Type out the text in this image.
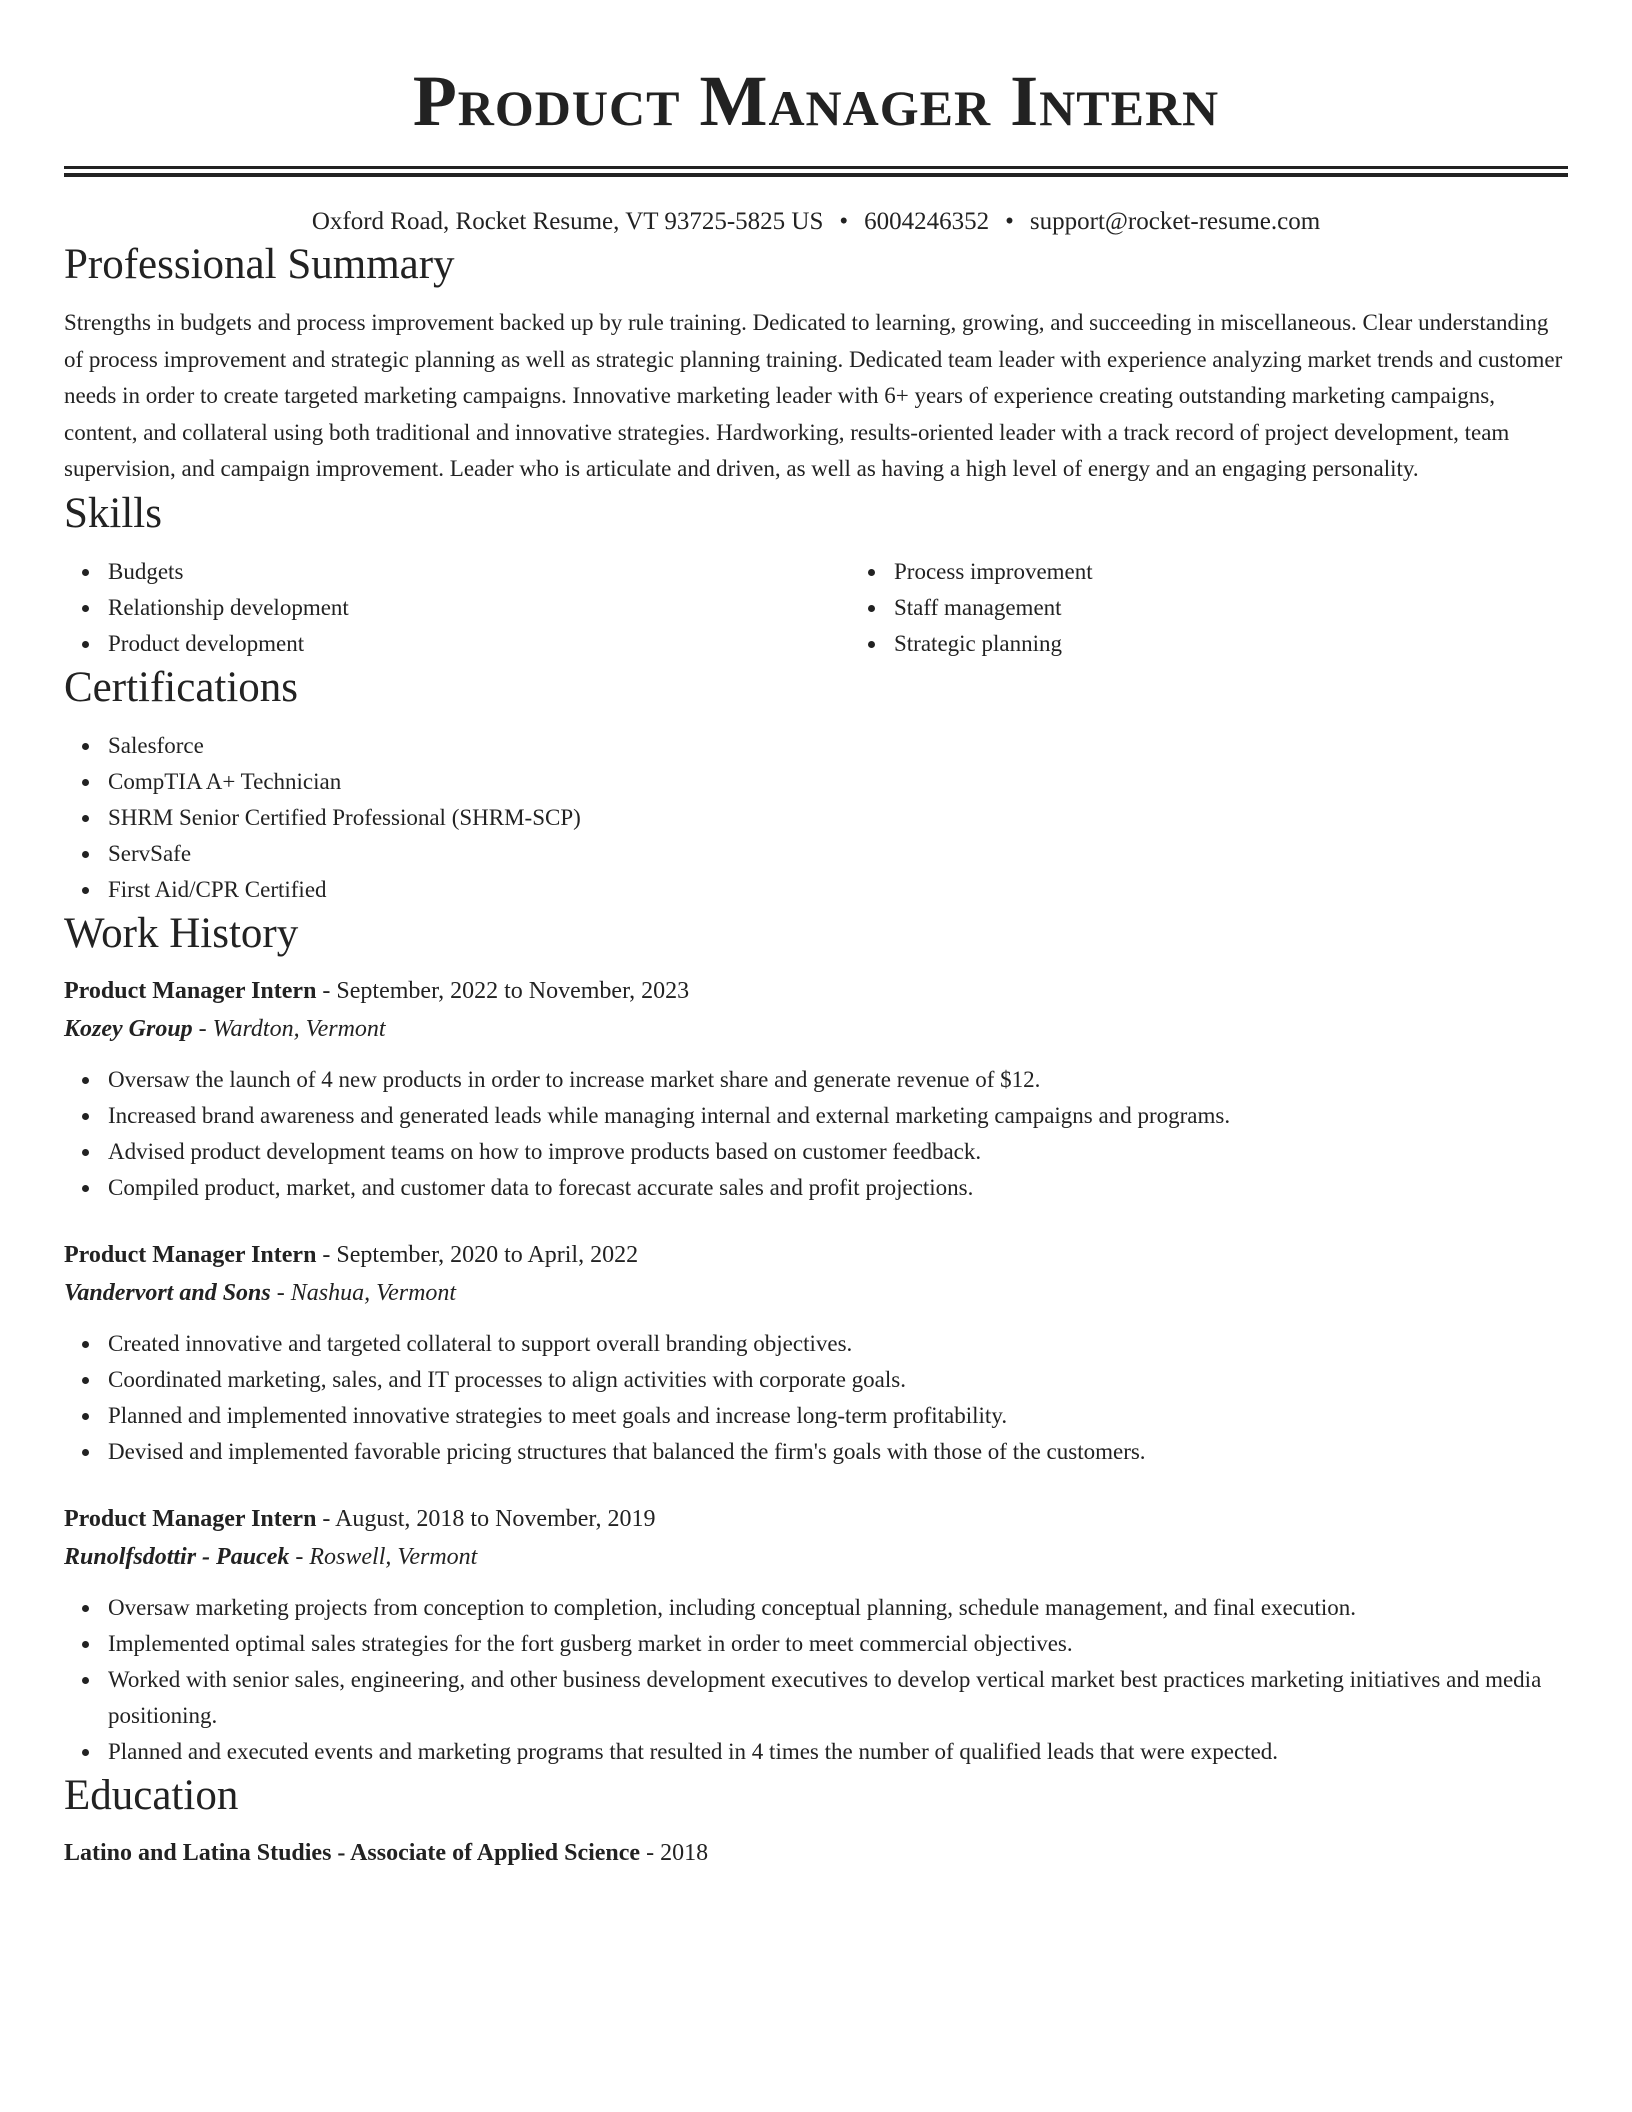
Product Manager Intern
Oxford Road, Rocket Resume, VT 93725-5825 US • 6004246352 • support@rocket-resume.com
Professional Summary
Strengths in budgets and process improvement backed up by rule training. Dedicated to learning, growing, and succeeding in miscellaneous. Clear understanding of process improvement and strategic planning as well as strategic planning training. Dedicated team leader with experience analyzing market trends and customer needs in order to create targeted marketing campaigns. Innovative marketing leader with 6+ years of experience creating outstanding marketing campaigns, content, and collateral using both traditional and innovative strategies. Hardworking, results-oriented leader with a track record of project development, team supervision, and campaign improvement. Leader who is articulate and driven, as well as having a high level of energy and an engaging personality.
Skills
Budgets
Relationship development
Product development
Process improvement
Staff management
Strategic planning
Certifications
Salesforce
CompTIA A+ Technician
SHRM Senior Certified Professional (SHRM-SCP)
ServSafe
First Aid/CPR Certified
Work History
Product Manager Intern - September, 2022 to November, 2023
Kozey Group - Wardton, Vermont
Oversaw the launch of 4 new products in order to increase market share and generate revenue of $12.
Increased brand awareness and generated leads while managing internal and external marketing campaigns and programs.
Advised product development teams on how to improve products based on customer feedback.
Compiled product, market, and customer data to forecast accurate sales and profit projections.
Product Manager Intern - September, 2020 to April, 2022
Vandervort and Sons - Nashua, Vermont
Created innovative and targeted collateral to support overall branding objectives.
Coordinated marketing, sales, and IT processes to align activities with corporate goals.
Planned and implemented innovative strategies to meet goals and increase long-term profitability.
Devised and implemented favorable pricing structures that balanced the firm's goals with those of the customers.
Product Manager Intern - August, 2018 to November, 2019
Runolfsdottir - Paucek - Roswell, Vermont
Oversaw marketing projects from conception to completion, including conceptual planning, schedule management, and final execution.
Implemented optimal sales strategies for the fort gusberg market in order to meet commercial objectives.
Worked with senior sales, engineering, and other business development executives to develop vertical market best practices marketing initiatives and media positioning.
Planned and executed events and marketing programs that resulted in 4 times the number of qualified leads that were expected.
Education
Latino and Latina Studies - Associate of Applied Science - 2018
